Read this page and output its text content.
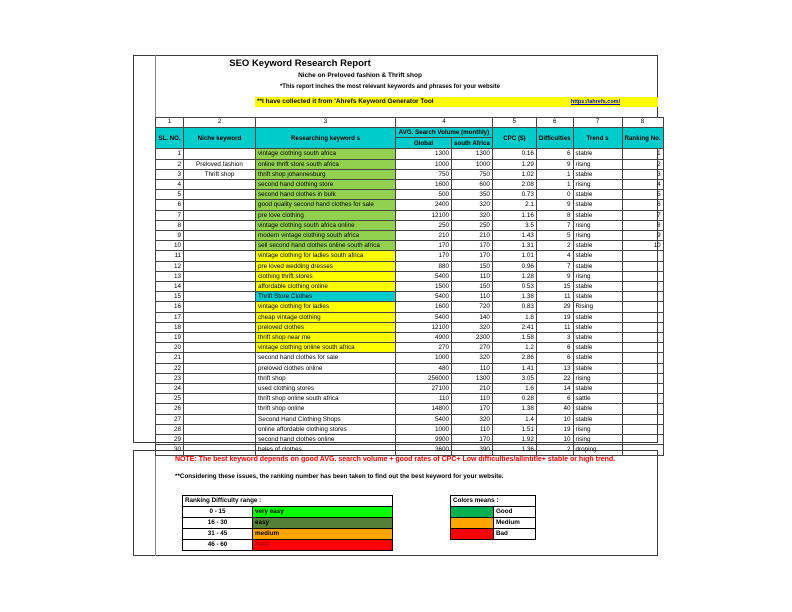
SEO Keyword Research Report
Niche on Preloved fashion & Thrift shop
*This report inches the most relevant keywords and phrases for your website
**I have collected it from 'Ahrefs Keyword Generator Tool	https://ahrefs.com/
1	2	3	4		5	6	7	8
SL. NO.	Niche keyword	Researching keyword s	AVG. Search Volume (monthly)		CPC ($)	Difficulties	Trend s	Ranking No.
			Global	south Africa				
1		vintage clothing south africa	1300	1300	0.16	6	stable	1
2	Preloved fashion	online thrift store south africa	1000	1000	1.29	9	rising	2
3	Thrift shop	thrift shop johannesburg	750	750	1.02	1	stable	3
4		second hand clothing store	1600	600	2.08	1	rising	4
5		second hand clothes in bulk	500	350	0.73	0	stable	5
6		good quality second hand clothes for sale	2400	320	2.1	9	stable	6
7		pre love clothing	12100	320	1.16	8	stable	7
8		vintage clothing south africa online	250	250	3.5	7	rising	8
9		modern vintage clothing south africa	210	210	1.43	5	rising	9
10		sell second hand clothes online south africa	170	170	1.31	2	stable	10
11		vintage clothing for ladies south africa	170	170	1.01	4	stable	
12		pre loved wedding dresses	880	150	0.96	7	stable	
13		clothing thrift stores	5400	110	1.28	9	rising	
14		affordable clothing online	1500	150	0.53	15	stable	
15		Thrift Store Clothes	5400	110	1.38	11	stable	
16		vintage clothing for ladies	1600	720	0.83	29	Rising	
17		cheap vintage clothing	5400	140	1.8	19	stable	
18		preloved clothes	12100	320	2.41	11	stable	
19		thrift shop near me	4900	2300	1.58	3	stable	
20		vintage clothing online south africa	270	270	1.2	6	stable	
21		second hand clothes for sale	1000	320	2.86	6	stable	
22		preloved clothes online	480	110	1.41	13	stable	
23		thrift shop	256000	1300	3.05	22	rising	
24		used clothing stores	27100	210	1.6	14	stable	
25		thrift shop online south africa	110	110	0.28	6	sattle	
26		thrift shop online	14800	170	1.38	40	stable	
27		Second Hand Clothing Shops	5400	320	1.4	10	stable	
28		online affordable clothing stores	1000	110	1.51	19	rising	
29		second hand clothes online	9900	170	1.92	10	rising	
30		bales of clothes	3600	390	1.36	2	droping	
NOTE: The best keyword depends on good AVG. search volume + good rates of CPC+ Low difficulties/allintitle+ stable or high trend.
**Considering these issues, the ranking number has been taken to find out the best keyword for your website.
Ranking Difficulty range :	
0 - 15	very easy
16 - 30	easy
31 - 45	medium
46 - 60	hard
Colors means :	
	Good
	Medium
	Bad
